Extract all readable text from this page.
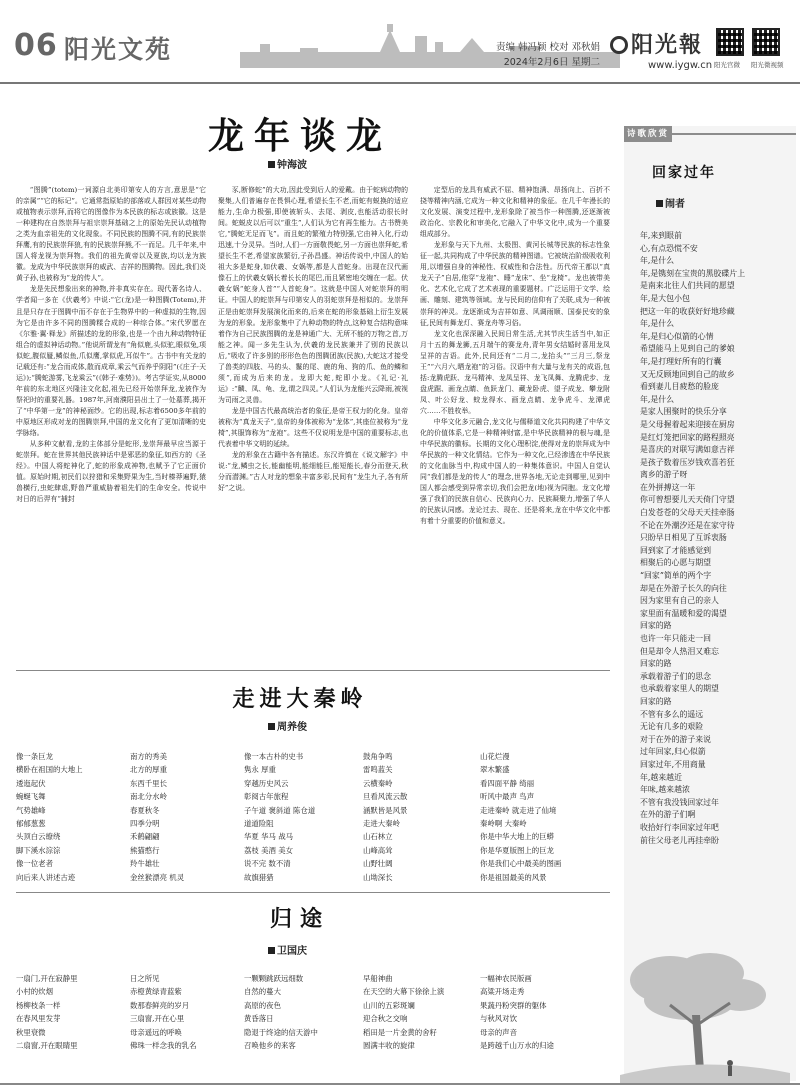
06 阳光文苑	责编 韩冯颖 校对 邓秋娟
2024年2月6日 星期二
阳光報
www.iygw.cn 阳光官微 阳光微视频
龙年谈龙
钟海波

“图腾”(totem)一词源自北美印第安人的方言,意思是“它的亲属”“它的标记”。它通常指原始的部落或人群因对某些动物或植物表示崇拜,而将它的图像作为本民族的标志或族徽。这是一种建构在自然崇拜与祖宗崇拜基础之上的原始先民认动植物之类为血亲祖先的文化现象。不同民族的图腾不同,有的民族崇拜鹰,有的民族崇拜狼,有的民族崇拜熊,不一而足。几千年来,中国人将龙视为崇拜物。我们的祖先黄帝以及夏族,均以龙为族徽。龙成为中华民族崇拜的威武、吉祥的图腾物。因此,我们炎黄子孙,也被称为“龙的传人”。

龙是先民想象出来的神物,并非真实存在。现代著名诗人、学者闻一多在《伏羲考》中说:“它(龙)是一种图腾(Totem),并且是只存在于图腾中而不存在于生物界中的一种虚拟的生物,因为它是由许多不同的图腾糅合成的一种综合体。”宋代罗愿在《尔雅·翼·释龙》所描述的龙的形象,也是一个由九种动物特征组合的虚拟神话动物。”他说所谓龙有“角似鹿,头似驼,眼似兔,项似蛇,腹似蜃,鳞似鱼,爪似鹰,掌似虎,耳似牛”。古书中有关龙的记载还有:“龙合而成体,散而成章,乘云气而养乎阴阳”(《庄子·天运》);“腾蛇游雾,飞龙乘云”(《韩子·难势》)。考古学证实,从8000年前的东北地区兴隆洼文化起,祖先已经开始崇拜龙,龙被作为祭祀时的重要礼器。1987年,河南濮阳县出土了一处墓葬,揭开了“中华第一龙”的神秘面纱。它的出现,标志着6500多年前的中原地区形成对龙的图腾崇拜,中国的龙文化有了更加清晰的史学脉络。

从多种文献看,龙的主体部分是蛇形,龙崇拜最早应当源于蛇崇拜。蛇在世界其他民族神话中是邪恶的象征,如西方的《圣经》。中国人将蛇神化了,蛇的形象成神物,也赋予了它正面价值。原始时期,初民们以狩猎和采集野果为生,当时榛莽遍野,猿兽横行,虫蛇肆虐,野兽严重威胁着祖先们的生命安全。传说中对日的后羿有“捕封

豕,断修蛇”的大功,因此受到后人的爱戴。由于蛇病动物的聚集,人们普遍存在畏惧心理,希望长生不老,而蛇有蜕换的适应能力,生命力极强,即使被斩头、去尾、剥皮,也能活动很长时间。蛇蜕皮以后可以“重生”,人们认为它有再生能力。古书赞美它,“腾蛇无足而飞”。而且蛇的繁殖力特别强,它由神入化,行动迅速,十分灵异。当时,人们一方面敬畏蛇,另一方面也崇拜蛇,希望长生不老,希望家族繁衍,子孙昌盛。神话传说中,中国人的始祖大多是蛇身,如伏羲、女娲等,都是人首蛇身。出现在汉代画像石上的伏羲女娲长着长长的尾巴,而且紧密地交缠在一起。伏羲女娲“蛇身人首”“人首蛇身”。这就是中国人对蛇崇拜的明证。中国人的蛇崇拜与印第安人的羽蛇崇拜是相似的。龙崇拜正是由蛇崇拜发展演化而来的,后来在蛇的形象基础上衍生发展为龙的形象。龙形象集中了九种动物的特点,这种复合结构意味着作为自己民族图腾的龙是神通广大、无所不能的万物之首,万能之神。闻一多先生认为,伏羲的龙民族兼并了别的民族以后,“吸收了许多别的形形色色的图腾团族(民族),大蛇这才接受了兽类的四肢、马的头、鬣的尾、鹿的角、狗的爪、鱼的鳞和须”,而成为后来的龙。龙即大蛇,蛇即小龙。《礼记·礼运》:“麟、凤、龟、龙,谓之四灵。”人们认为龙能兴云降雨,被视为司雨之灵兽。

龙是中国古代最高统治者的象征,是帝王权力的化身。皇帝被称为“真龙天子”,皇帝的身体被称为“龙体”,其座位被称为“龙椅”,其服饰称为“龙袍”。这些不仅说明龙是中国的重要标志,也代表着中华文明的延续。

龙的形象在古籍中各有描述。东汉许慎在《说文解字》中说:“龙,鳞虫之长,能幽能明,能细能巨,能短能长,春分而登天,秋分而潜渊。”古人对龙的想象丰富多彩,民间有“龙生九子,各有所好”之说。

定型后的龙具有威武不屈、精神饱满、昂扬向上、百折不挠等精神内涵,它成为一种文化和精神的象征。在几千年漫长的文化发展、演变过程中,龙形象除了被当作一种图腾,还逐渐被政治化、宗教化和审美化,它融入了中华文化中,成为一个重要组成部分。

龙形象与天下九州、太极图、黄河长城等民族的标志性象征一起,共同构成了中华民族的精神图谱。它被统治阶级吸收利用,以增强自身的神秘性、权威性和合法性。历代帝王都以“真龙天子”自居,他穿“龙袍”、睡“龙床”、坐“龙椅”。龙也被带美化、艺术化,它成了艺术表现的重要题材。广泛运用于文学、绘画、雕刻、建筑等领域。龙与民间的信仰有了关联,成为一种被崇拜的神灵。龙逐渐成为吉祥如意、风调雨顺、国泰民安的象征,民间有舞龙灯、赛龙舟等习俗。

龙文化也深深融入民间日常生活,尤其节庆生活当中,如正月十五的舞龙狮,五月端午的赛龙舟,青年男女结婚时喜用龙凤呈祥的吉语。此外,民间还有“二月二,龙抬头”“三月三,祭龙王”“六月六,晒龙袍”的习俗。汉语中有大量与龙有关的成语,包括:龙腾虎跃、龙马精神、龙凤呈祥、龙飞凤舞、龙腾虎步、龙盘虎踞、画龙点睛、鱼跃龙门、藏龙卧虎、望子成龙、攀龙附凤、叶公好龙、蛟龙得水、画龙点睛、龙争虎斗、龙潭虎穴……不胜枚举。

中华文化多元融合,龙文化与儒释道文化共同构建了中华文化的价值体系,它是一种精神财富,是中华民族精神的根与魂,是中华民族的徽标。长期的文化心理积淀,使得对龙的崇拜成为中华民族的一种文化情结。它作为一种文化,已经渗透在中华民族的文化血脉当中,构成中国人的一种集体意识。中国人自觉认同“我们都是龙的传人”的理念,世界各地,无论走到哪里,见到中国人都会感受到异常亲切,我们会把龙(地)视为同胞。龙文化增强了我们的民族自信心、民族向心力、民族凝聚力,增强了华人的民族认同感。龙论过去、现在、还是将来,龙在中华文化中都有着十分重要的价值和意义。

诗歌欣赏
回家过年
闹者
年,来到眼前
心,有点恐慌不安
年,是什么
年,是镌刻在宝贵的黑胶碟片上
是南来北往人们共同的愿望
年,是大包小包
把这一年的收获好好地珍藏
年,是什么
年,是归心似箭的心情
希望能马上见到自己的爹娘
年,是打理好所有的行囊
又无反顾地回到自己的故乡
看到妻儿目疲愁的脸庞
年,是什么
是家人围聚时的快乐分享
是父母握着起来迎接在厨房
是红灯笼把回家的路程照亮
是喜庆的对联写满如意吉祥
是孩子数着压岁钱欢喜若狂
离乡的游子呀
在外拼搏这一年
你可曾想要儿天天倚门守望
白发苍苍的父母天天挂牵肠
不论在外潮汐还是在家守待
只盼早日相见了互诉衷肠
回到家了才能感觉到
相聚后的心愿与期望
“回家”简单的两个字
却是在外游子长久的向往
因为家里有自己的亲人
家里面有温暖和爱的渴望
回家的路
也许一年只能走一回
但是却令人热泪又难忘
回家的路
承载着游子们的思念
也承载着家里人的期望
回家的路
不管有多么的遥远
无论有几多的艰险
对于在外的游子来说
过年回家,归心似箭
回家过年,不用商量
年,越来越近
年味,越来越浓
不管有我没钱回家过年
在外的游子们啊
收拾好行李回家过年吧
前往父母老儿再挂牵盼
走进大秦岭
周养俊
像一条巨龙
横卧在祖国的大地上
逶迤起伏
蜿蜒飞舞
气势雄峰
郁郁葱葱
头顶白云缭绕
脚下溪水淙淙
像一位老者
向后来人讲述古迹
南方的秀美
北方的厚重
东西千里长
南北分水岭
春夏秋冬
四季分明
禾鹤翩翩
熊猫憨行
羚牛雄壮
金丝猴漂亮 机灵
像一本古朴的史书
隽永 厚重
穿越历史风云
彰阅古年旅程
子午道 褒斜道 陈仓道
道道险阻
华夏 华马 战马
荔枝 美酒 美女
说不完 数不清
故旗猎猎
鼓角争鸣
雷鸣蓝关
云横秦岭
旦看风流云散
涵默皆是风景
走进大秦岭
山石林立
山峰高耸
山野壮阔
山坳深长
山花烂漫
翠木繁盛
看四面平静 绮丽
听风中最声 鸟声
走进秦岭 就走进了仙境
秦岭啊 大秦岭
你是中华大地上的巨蟒
你是华夏版图上的巨龙
你是我们心中最美的图画
你是祖国最美的风景
归途
卫国庆
一扇门,开在寂静里
小村的炊烟
杨柳枝条一样
在春风里发芽
秋里衰微
二扇窗,开在眼睛里
日之所见
赤橙黄绿青蓝紫
数那春鲜亮的岁月
三扇窗,开在心里
母亲遥远的呼唤
佛珠一样念我的乳名
一颗颗跳跃远细数
自然的蔓大
高原的夜色
黄昏落日
隐退于终途的信天游中
召唤他乡的来客
早船神曲
在天空的大幕下徐徐上演
山川的五彩斑斓
迎合秋之交响
稻田是一片金黄的舍籽
圆满丰收的旋律
一幅神农民版画
高粱开场走秀
果蔬丹粉突群的躯体
与秋风对饮
母亲的声音
是跨越千山万水的归途
